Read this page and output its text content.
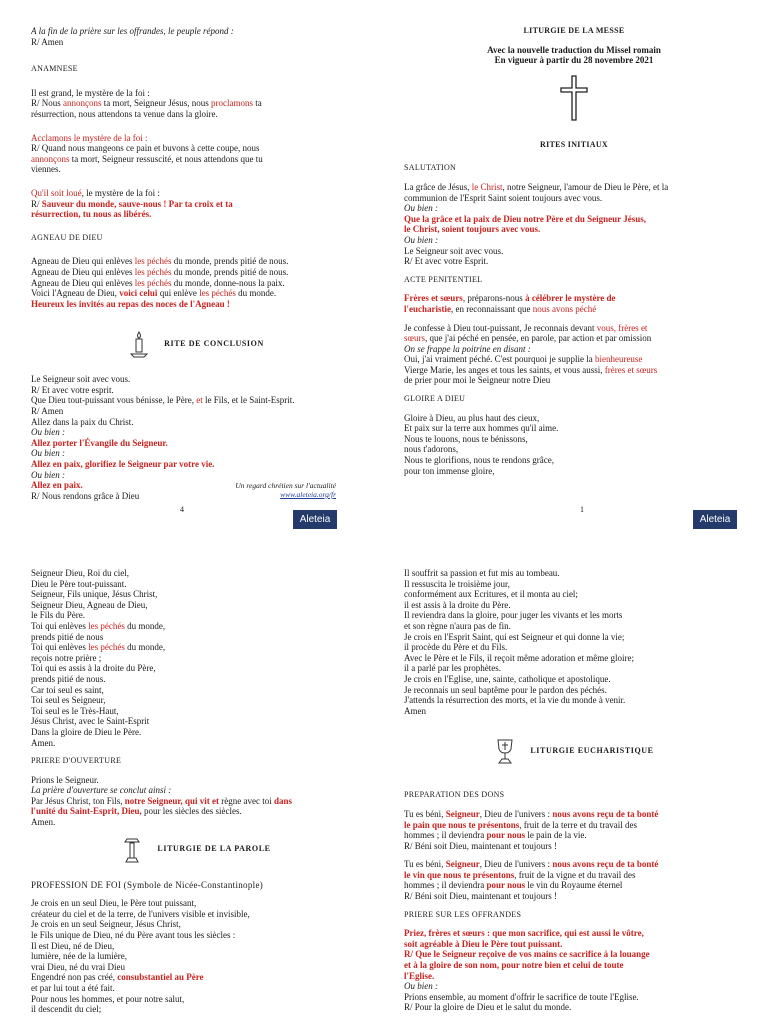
A la fin de la prière sur les offrandes, le peuple répond :
R/ Amen
ANAMNESE
Il est grand, le mystère de la foi :
R/ Nous annonçons ta mort, Seigneur Jésus, nous proclamons ta
résurrection, nous attendons ta venue dans la gloire.
Acclamons le mystère de la foi :
R/ Quand nous mangeons ce pain et buvons à cette coupe, nous
annonçons ta mort, Seigneur ressuscité, et nous attendons que tu
viennes.
Qu'il soit loué, le mystère de la foi :
R/ Sauveur du monde, sauve-nous ! Par ta croix et ta
résurrection, tu nous as libérés.
AGNEAU DE DIEU
Agneau de Dieu qui enlèves les péchés du monde, prends pitié de nous.
Agneau de Dieu qui enlèves les péchés du monde, prends pitié de nous.
Agneau de Dieu qui enlèves les péchés du monde, donne-nous la paix.
Voici l'Agneau de Dieu, voici celui qui enlève les péchés du monde.
Heureux les invités au repas des noces de l'Agneau !
RITE DE CONCLUSION
Le Seigneur soit avec vous.
R/ Et avec votre esprit.
Que Dieu tout-puissant vous bénisse, le Père, et le Fils, et le Saint-Esprit.
R/ Amen
Allez dans la paix du Christ.
Ou bien :
Allez porter l'Évangile du Seigneur.
Ou bien :
Allez en paix, glorifiez le Seigneur par votre vie.
Ou bien :
Allez en paix.
R/ Nous rendons grâce à Dieu
Un regard chrétien sur l'actualité
www.aleteia.org/fr
4
Aleteia
LITURGIE DE LA MESSE
Avec la nouvelle traduction du Missel romain
En vigueur à partir du 28 novembre 2021
RITES INITIAUX
SALUTATION
La grâce de Jésus, le Christ, notre Seigneur, l'amour de Dieu le Père, et la
communion de l'Esprit Saint soient toujours avec vous.
Ou bien :
Que la grâce et la paix de Dieu notre Père et du Seigneur Jésus,
le Christ, soient toujours avec vous.
Ou bien :
Le Seigneur soit avec vous.
R/ Et avec votre Esprit.
ACTE PENITENTIEL
Frères et sœurs, préparons-nous à célébrer le mystère de
l'eucharistie, en reconnaissant que nous avons péché
Je confesse à Dieu tout-puissant, Je reconnais devant vous, frères et
sœurs, que j'ai péché en pensée, en parole, par action et par omission
On se frappe la poitrine en disant :
Oui, j'ai vraiment péché. C'est pourquoi je supplie la bienheureuse
Vierge Marie, les anges et tous les saints, et vous aussi, frères et sœurs
de prier pour moi le Seigneur notre Dieu
GLOIRE A DIEU
Gloire à Dieu, au plus haut des cieux,
Et paix sur la terre aux hommes qu'il aime.
Nous te louons, nous te bénissons,
nous t'adorons,
Nous te glorifions, nous te rendons grâce,
pour ton immense gloire,
1
Aleteia
Seigneur Dieu, Roi du ciel,
Dieu le Père tout-puissant.
Seigneur, Fils unique, Jésus Christ,
Seigneur Dieu, Agneau de Dieu,
le Fils du Père.
Toi qui enlèves les péchés du monde,
prends pitié de nous
Toi qui enlèves les péchés du monde,
reçois notre prière ;
Toi qui es assis à la droite du Père,
prends pitié de nous.
Car toi seul es saint,
Toi seul es Seigneur,
Toi seul es le Très-Haut,
Jésus Christ, avec le Saint-Esprit
Dans la gloire de Dieu le Père.
Amen.
PRIERE D'OUVERTURE
Prions le Seigneur.
La prière d'ouverture se conclut ainsi :
Par Jésus Christ, ton Fils, notre Seigneur, qui vit et règne avec toi dans
l'unité du Saint-Esprit, Dieu, pour les siècles des siècles.
Amen.
LITURGIE DE LA PAROLE
PROFESSION DE FOI (Symbole de Nicée-Constantinople)
Je crois en un seul Dieu, le Père tout puissant,
créateur du ciel et de la terre, de l'univers visible et invisible,
Je crois en un seul Seigneur, Jésus Christ,
le Fils unique de Dieu, né du Père avant tous les siècles :
Il est Dieu, né de Dieu,
lumière, née de la lumière,
vrai Dieu, né du vrai Dieu
Engendré non pas créé, consubstantiel au Père
et par lui tout a été fait.
Pour nous les hommes, et pour notre salut,
il descendit du ciel;
Il souffrit sa passion et fut mis au tombeau.
Il ressuscita le troisième jour,
conformément aux Ecritures, et il monta au ciel;
il est assis à la droite du Père.
Il reviendra dans la gloire, pour juger les vivants et les morts
et son règne n'aura pas de fin.
Je crois en l'Esprit Saint, qui est Seigneur et qui donne la vie;
il procède du Père et du Fils.
Avec le Père et le Fils, il reçoit même adoration et même gloire;
il a parlé par les prophètes.
Je crois en l'Eglise, une, sainte, catholique et apostolique.
Je reconnais un seul baptême pour le pardon des péchés.
J'attends la résurrection des morts, et la vie du monde à venir.
Amen
LITURGIE EUCHARISTIQUE
PREPARATION DES DONS
Tu es béni, Seigneur, Dieu de l'univers : nous avons reçu de ta bonté
le pain que nous te présentons, fruit de la terre et du travail des
hommes ; il deviendra pour nous le pain de la vie.
R/ Béni soit Dieu, maintenant et toujours !
Tu es béni, Seigneur, Dieu de l'univers : nous avons reçu de ta bonté
le vin que nous te présentons, fruit de la vigne et du travail des
hommes ; il deviendra pour nous le vin du Royaume éternel
R/ Béni soit Dieu, maintenant et toujours !
PRIERE SUR LES OFFRANDES
Priez, frères et sœurs : que mon sacrifice, qui est aussi le vôtre,
soit agréable à Dieu le Père tout puissant.
R/ Que le Seigneur reçoive de vos mains ce sacrifice à la louange
et à la gloire de son nom, pour notre bien et celui de toute
l'Eglise.
Ou bien :
Prions ensemble, au moment d'offrir le sacrifice de toute l'Eglise.
R/ Pour la gloire de Dieu et le salut du monde.
